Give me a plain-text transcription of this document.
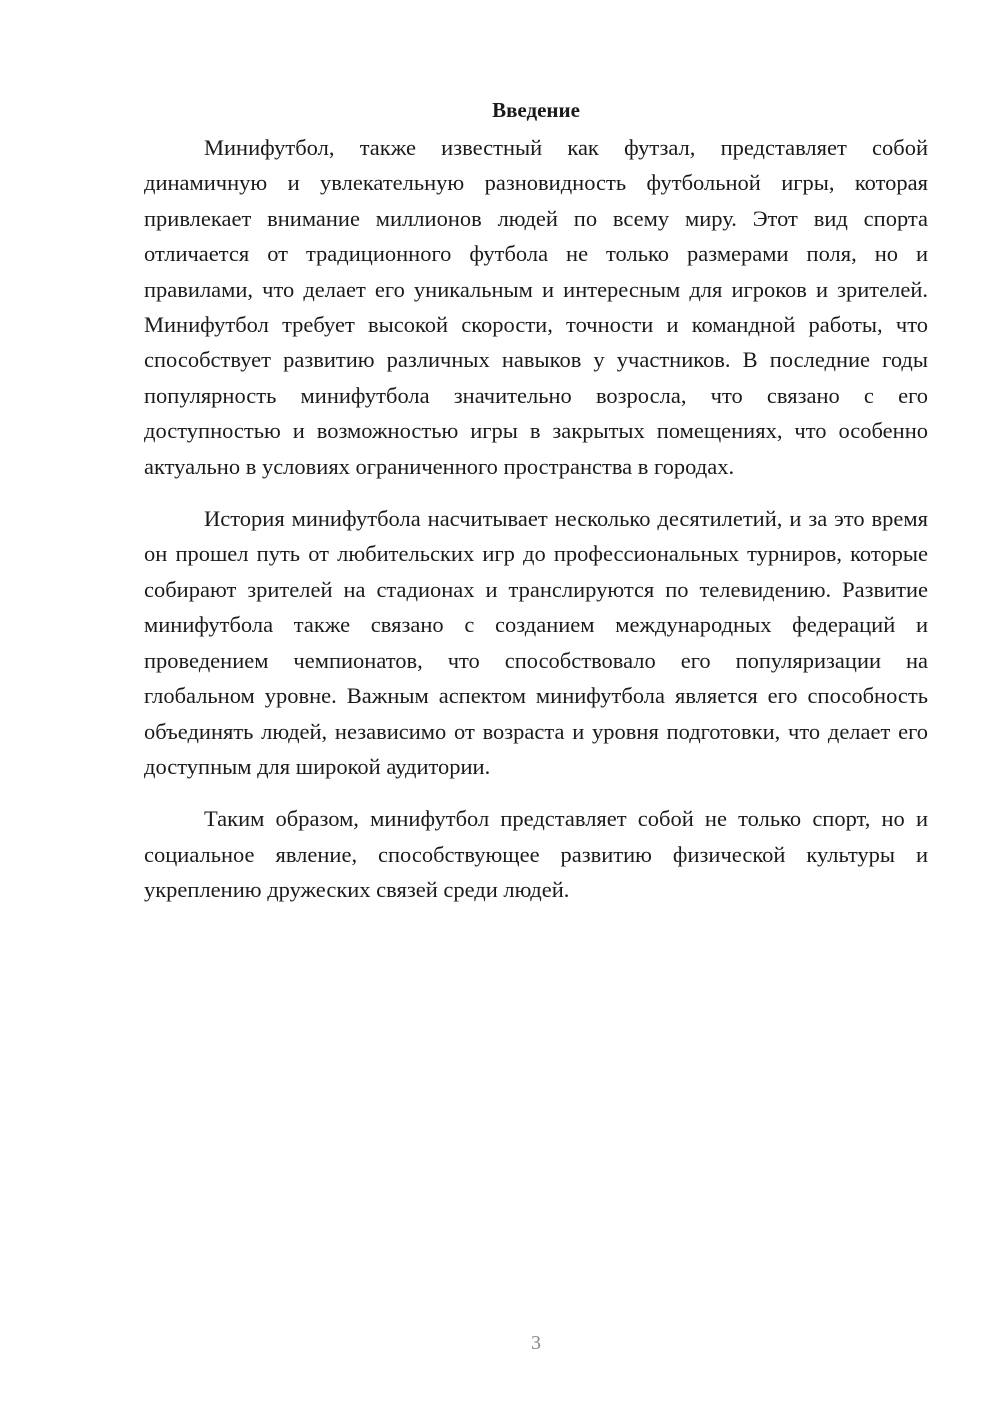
Введение

Минифутбол, также известный как футзал, представляет собой динамичную и увлекательную разновидность футбольной игры, которая привлекает внимание миллионов людей по всему миру. Этот вид спорта отличается от традиционного футбола не только размерами поля, но и правилами, что делает его уникальным и интересным для игроков и зрителей. Минифутбол требует высокой скорости, точности и командной работы, что способствует развитию различных навыков у участников. В последние годы популярность минифутбола значительно возросла, что связано с его доступностью и возможностью игры в закрытых помещениях, что особенно актуально в условиях ограниченного пространства в городах.

История минифутбола насчитывает несколько десятилетий, и за это время он прошел путь от любительских игр до профессиональных турниров, которые собирают зрителей на стадионах и транслируются по телевидению. Развитие минифутбола также связано с созданием международных федераций и проведением чемпионатов, что способствовало его популяризации на глобальном уровне. Важным аспектом минифутбола является его способность объединять людей, независимо от возраста и уровня подготовки, что делает его доступным для широкой аудитории.

Таким образом, минифутбол представляет собой не только спорт, но и социальное явление, способствующее развитию физической культуры и укреплению дружеских связей среди людей.

3
